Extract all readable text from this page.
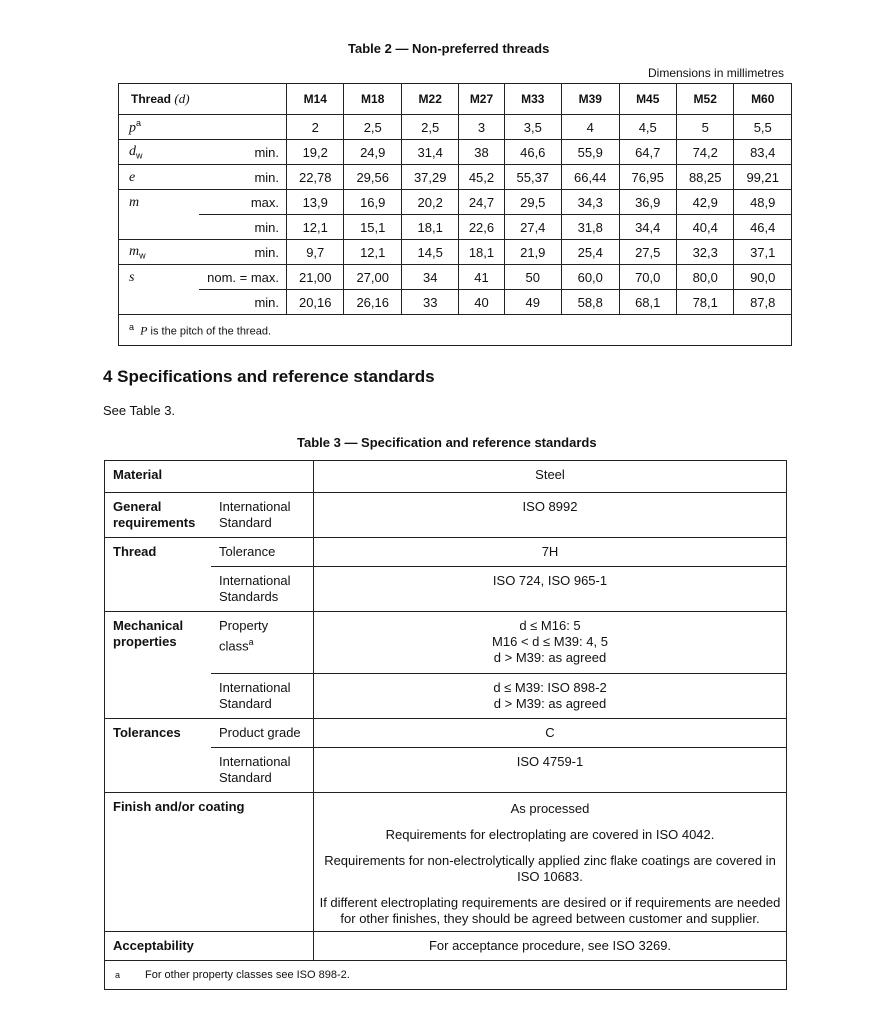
Table 2 — Non-preferred threads
Dimensions in millimetres
Thread (d)		M14	M18	M22	M27	M33	M39	M45	M52	M60
$p^a$		2	2,5	2,5	3	3,5	4	4,5	5	5,5
$d_w$	min.	19,2	24,9	31,4	38	46,6	55,9	64,7	74,2	83,4
e	min.	22,78	29,56	37,29	45,2	55,37	66,44	76,95	88,25	99,21
m	max.	13,9	16,9	20,2	24,7	29,5	34,3	36,9	42,9	48,9
	min.	12,1	15,1	18,1	22,6	27,4	31,8	34,4	40,4	46,4
$m_w$	min.	9,7	12,1	14,5	18,1	21,9	25,4	27,5	32,3	37,1
s	nom. = max.	21,00	27,00	34	41	50	60,0	70,0	80,0	90,0
	min.	20,16	26,16	33	40	49	58,8	68,1	78,1	87,8
$^a$ P is the pitch of the thread.										
4 Specifications and reference standards
See Table 3.
Table 3 — Specification and reference standards
Material		Steel
General requirements	International Standard	ISO 8992
Thread	Tolerance	7H
	International Standards	ISO 724, ISO 965-1
Mechanical properties	Property class$^a$	d ≤ M16: 5
M16 < d ≤ M39: 4, 5
d > M39: as agreed

	International Standard	d ≤ M39: ISO 898-2
d > M39: as agreed

Tolerances	Product grade	C
	International Standard	ISO 4759-1
Finish and/or coating		As processed

Requirements for electroplating are covered in ISO 4042.

Requirements for non-electrolytically applied zinc flake coatings are covered in ISO 10683.

If different electroplating requirements are desired or if requirements are needed for other finishes, they should be agreed between customer and supplier.

Acceptability		For acceptance procedure, see ISO 3269.
a For other property classes see ISO 898-2.		
